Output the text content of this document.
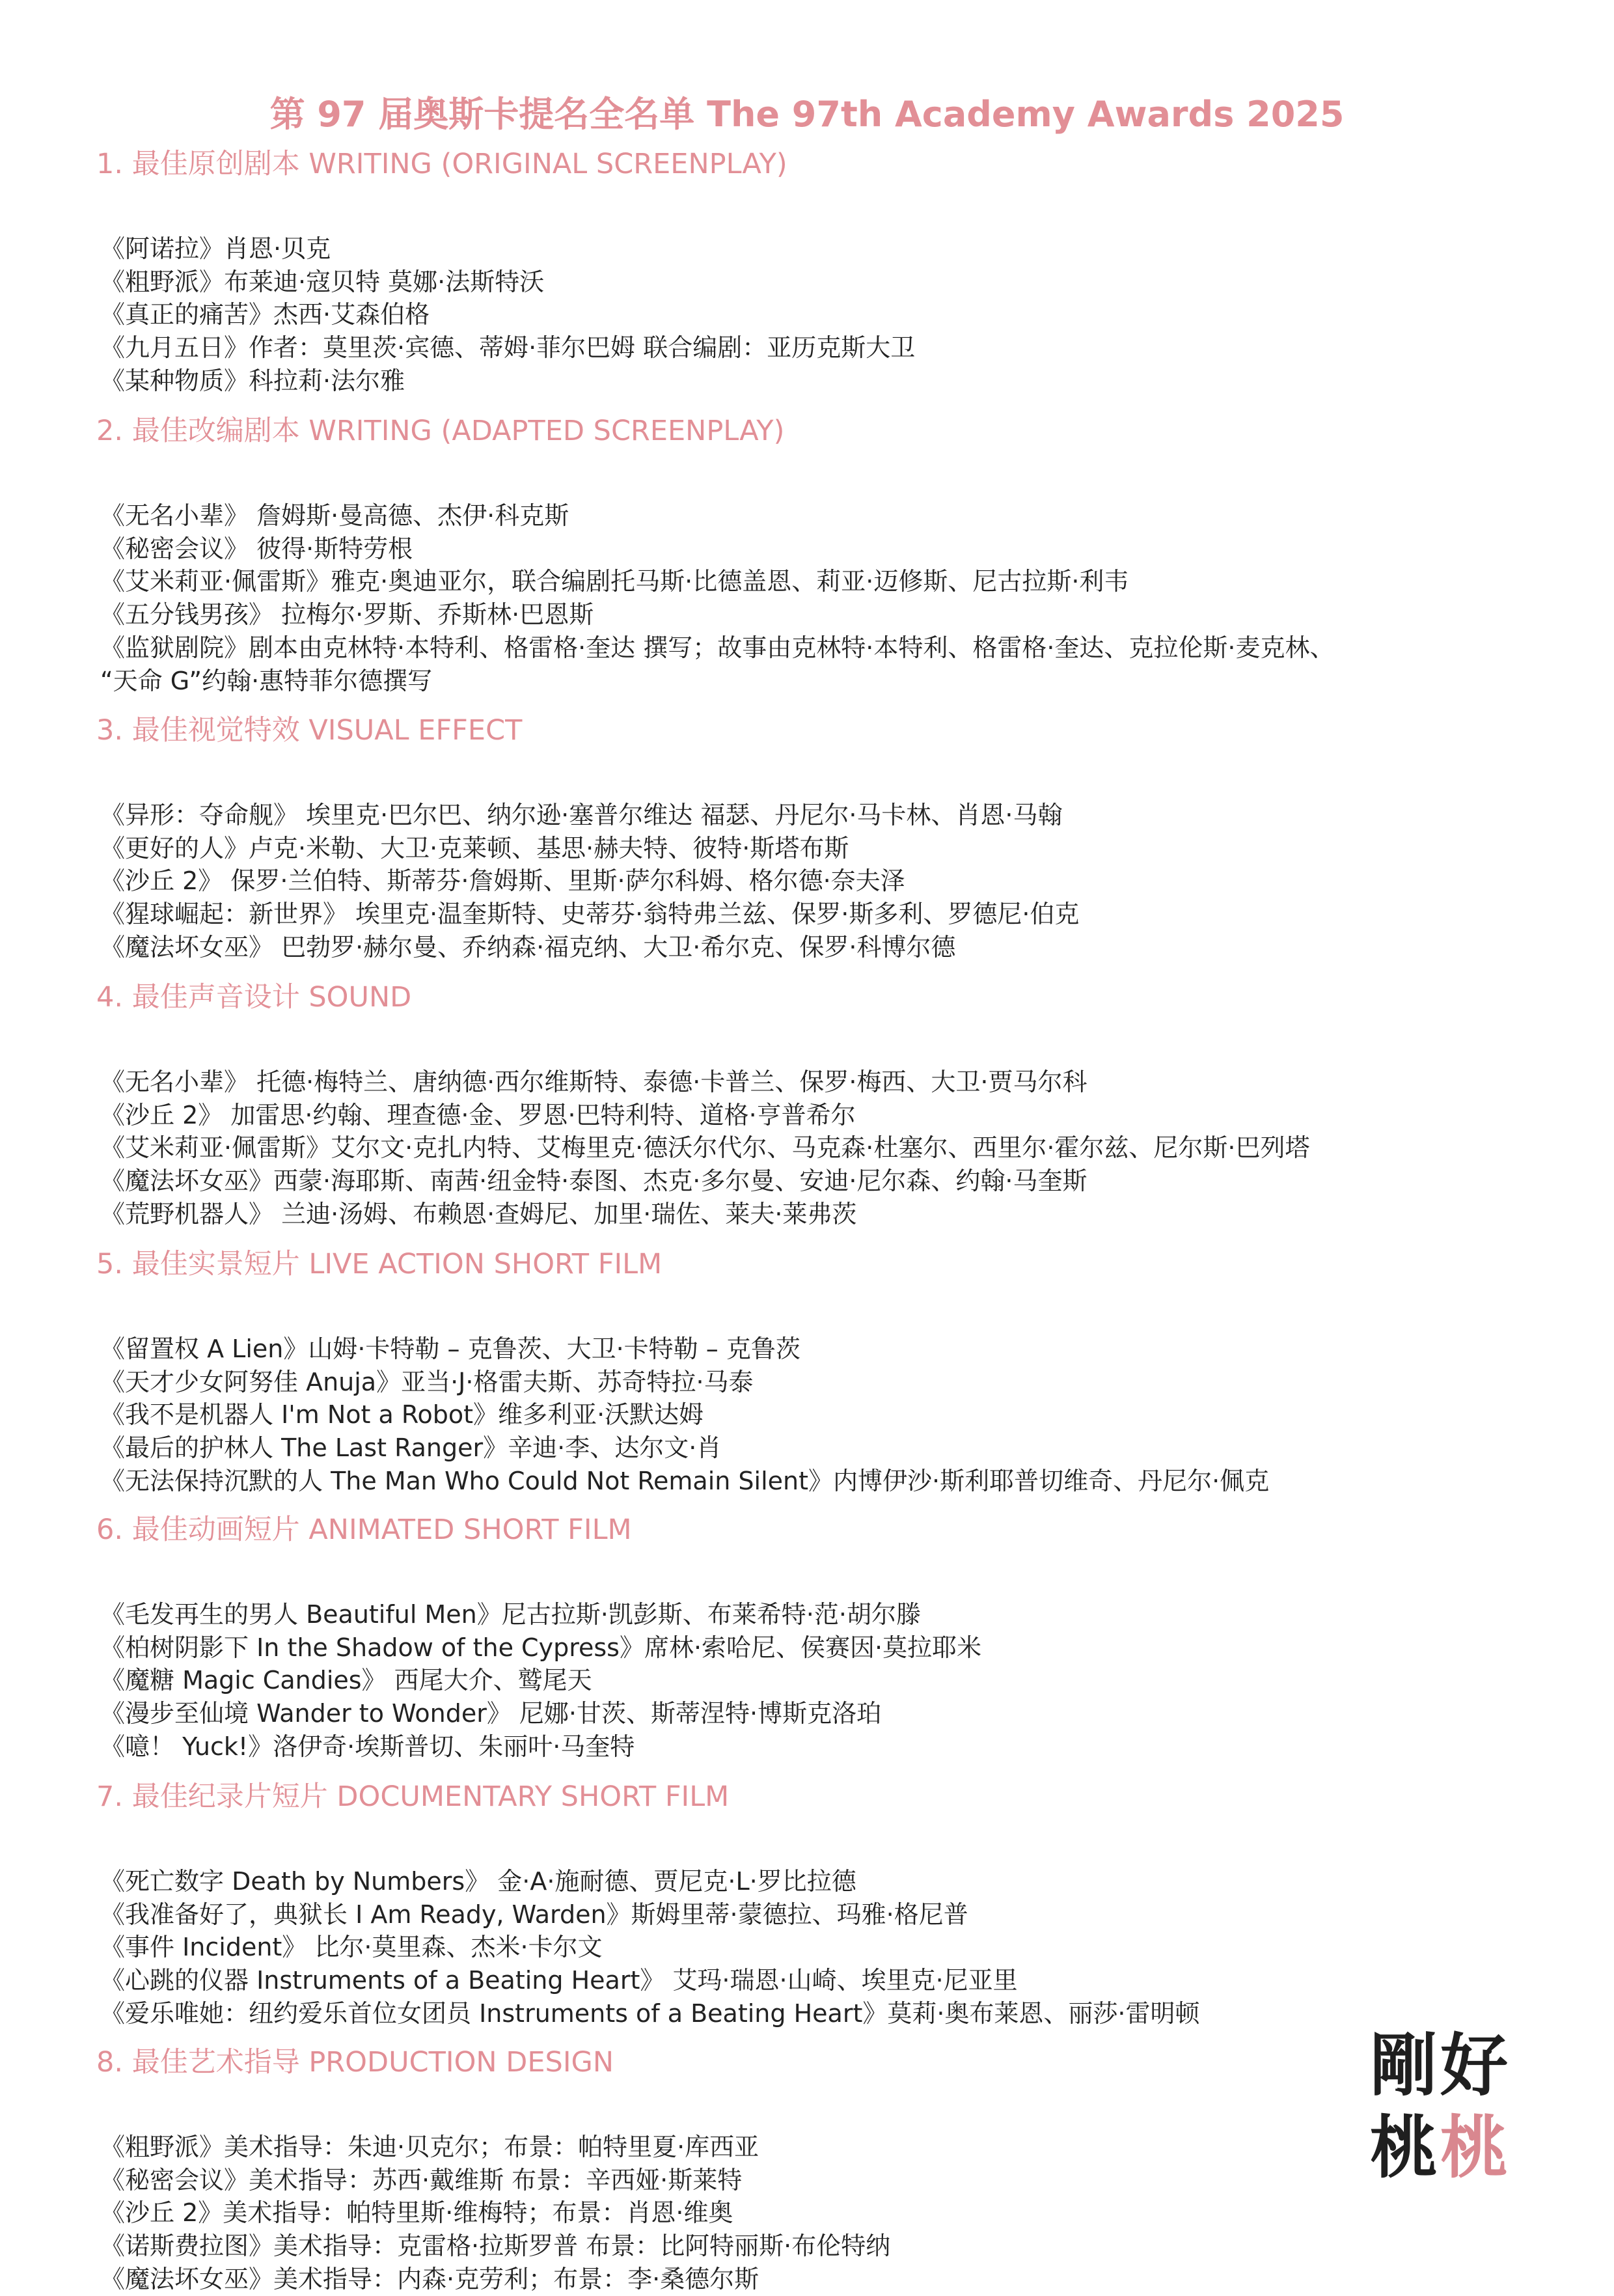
第 97 届奥斯卡提名全名单 The 97th Academy Awards 2025
1. 最佳原创剧本 WRITING (ORIGINAL SCREENPLAY)
《阿诺拉》肖恩·贝克
《粗野派》布莱迪·寇贝特 莫娜·法斯特沃
《真正的痛苦》杰西·艾森伯格
《九月五日》作者：莫里茨·宾德、蒂姆·菲尔巴姆 联合编剧：亚历克斯大卫
《某种物质》科拉莉·法尔雅
2. 最佳改编剧本 WRITING (ADAPTED SCREENPLAY)
《无名小辈》 詹姆斯·曼高德、杰伊·科克斯
《秘密会议》 彼得·斯特劳根
《艾米莉亚·佩雷斯》雅克·奥迪亚尔，联合编剧托马斯·比德盖恩、莉亚·迈修斯、尼古拉斯·利韦
《五分钱男孩》 拉梅尔·罗斯、乔斯林·巴恩斯
《监狱剧院》剧本由克林特·本特利、格雷格·奎达 撰写；故事由克林特·本特利、格雷格·奎达、克拉伦斯·麦克林、
“天命 G”约翰·惠特菲尔德撰写
3. 最佳视觉特效 VISUAL EFFECT
《异形：夺命舰》 埃里克·巴尔巴、纳尔逊·塞普尔维达 福瑟、丹尼尔·马卡林、肖恩·马翰
《更好的人》卢克·米勒、大卫·克莱顿、基思·赫夫特、彼特·斯塔布斯
《沙丘 2》 保罗·兰伯特、斯蒂芬·詹姆斯、里斯·萨尔科姆、格尔德·奈夫泽
《猩球崛起：新世界》 埃里克·温奎斯特、史蒂芬·翁特弗兰兹、保罗·斯多利、罗德尼·伯克
《魔法坏女巫》 巴勃罗·赫尔曼、乔纳森·福克纳、大卫·希尔克、保罗·科博尔德
4. 最佳声音设计 SOUND
《无名小辈》 托德·梅特兰、唐纳德·西尔维斯特、泰德·卡普兰、保罗·梅西、大卫·贾马尔科
《沙丘 2》 加雷思·约翰、理查德·金、罗恩·巴特利特、道格·亨普希尔
《艾米莉亚·佩雷斯》艾尔文·克扎内特、艾梅里克·德沃尔代尔、马克森·杜塞尔、西里尔·霍尔兹、尼尔斯·巴列塔
《魔法坏女巫》西蒙·海耶斯、南茜·纽金特·泰图、杰克·多尔曼、安迪·尼尔森、约翰·马奎斯
《荒野机器人》 兰迪·汤姆、布赖恩·查姆尼、加里·瑞佐、莱夫·莱弗茨
5. 最佳实景短片 LIVE ACTION SHORT FILM
《留置权 A Lien》山姆·卡特勒 – 克鲁茨、大卫·卡特勒 – 克鲁茨
《天才少女阿努佳 Anuja》亚当·J·格雷夫斯、苏奇特拉·马泰
《我不是机器人 I'm Not a Robot》维多利亚·沃默达姆
《最后的护林人 The Last Ranger》辛迪·李、达尔文·肖
《无法保持沉默的人 The Man Who Could Not Remain Silent》内博伊沙·斯利耶普切维奇、丹尼尔·佩克
6. 最佳动画短片 ANIMATED SHORT FILM
《毛发再生的男人 Beautiful Men》尼古拉斯·凯彭斯、布莱希特·范·胡尔滕
《柏树阴影下 In the Shadow of the Cypress》席林·索哈尼、侯赛因·莫拉耶米
《魔糖 Magic Candies》 西尾大介、鹫尾天
《漫步至仙境 Wander to Wonder》 尼娜·甘茨、斯蒂涅特·博斯克洛珀
《噫！ Yuck!》洛伊奇·埃斯普切、朱丽叶·马奎特
7. 最佳纪录片短片 DOCUMENTARY SHORT FILM
《死亡数字 Death by Numbers》 金·A·施耐德、贾尼克·L·罗比拉德
《我准备好了，典狱长 I Am Ready, Warden》斯姆里蒂·蒙德拉、玛雅·格尼普
《事件 Incident》 比尔·莫里森、杰米·卡尔文
《心跳的仪器 Instruments of a Beating Heart》 艾玛·瑞恩·山崎、埃里克·尼亚里
《爱乐唯她：纽约爱乐首位女团员 Instruments of a Beating Heart》莫莉·奥布莱恩、丽莎·雷明顿
8. 最佳艺术指导 PRODUCTION DESIGN
《粗野派》美术指导：朱迪·贝克尔；布景：帕特里夏·库西亚
《秘密会议》美术指导：苏西·戴维斯 布景：辛西娅·斯莱特
《沙丘 2》美术指导：帕特里斯·维梅特；布景：肖恩·维奥
《诺斯费拉图》美术指导：克雷格·拉斯罗普 布景：比阿特丽斯·布伦特纳
《魔法坏女巫》美术指导：内森·克劳利；布景：李·桑德尔斯
剛好
桃桃
